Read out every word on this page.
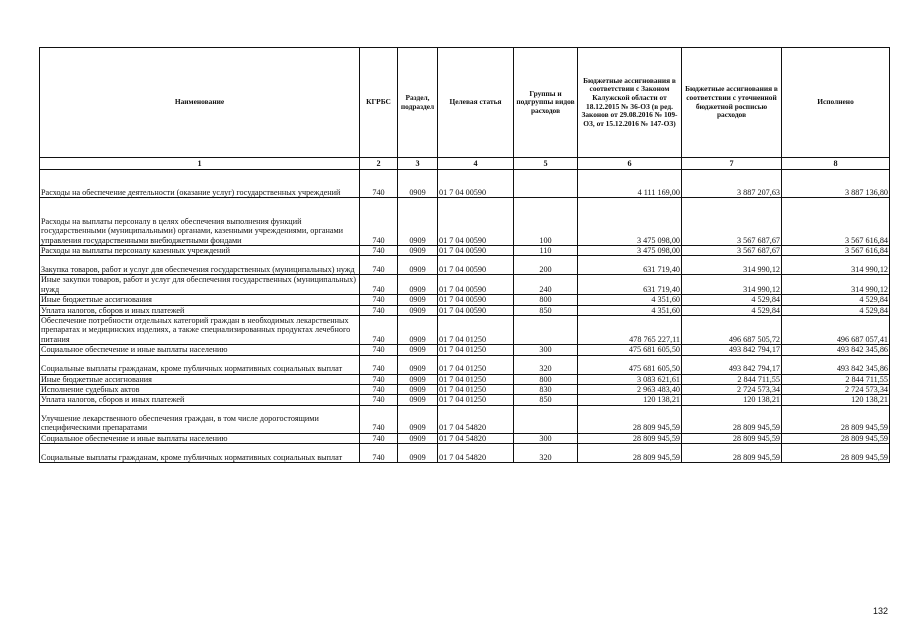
Наименование	КГРБС	Раздел, подраздел	Целевая статья	Группы и подгруппы видов расходов	Бюджетные ассигнования в соответствии с Законом Калужской области от 18.12.2015 № 36-ОЗ (в ред. Законов от 29.08.2016 № 109-ОЗ, от 15.12.2016 № 147-ОЗ)	Бюджетные ассигнования в соответствии с уточненной бюджетной росписью расходов	Исполнено
1	2	3	4	5	6	7	8
Расходы на обеспечение деятельности (оказание услуг) государственных учреждений	740	0909	01 7 04 00590		4 111 169,00	3 887 207,63	3 887 136,80
Расходы на выплаты персоналу в целях обеспечения выполнения функций государственными (муниципальными) органами, казенными учреждениями, органами управления государственными внебюджетными фондами	740	0909	01 7 04 00590	100	3 475 098,00	3 567 687,67	3 567 616,84
Расходы на выплаты персоналу казенных учреждений	740	0909	01 7 04 00590	110	3 475 098,00	3 567 687,67	3 567 616,84
Закупка товаров, работ и услуг для обеспечения государственных (муниципальных) нужд	740	0909	01 7 04 00590	200	631 719,40	314 990,12	314 990,12
Иные закупки товаров, работ и услуг для обеспечения государственных (муниципальных) нужд	740	0909	01 7 04 00590	240	631 719,40	314 990,12	314 990,12
Иные бюджетные ассигнования	740	0909	01 7 04 00590	800	4 351,60	4 529,84	4 529,84
Уплата налогов, сборов и иных платежей	740	0909	01 7 04 00590	850	4 351,60	4 529,84	4 529,84
Обеспечение потребности отдельных категорий граждан в необходимых лекарственных препаратах и медицинских изделиях, а также специализированных продуктах лечебного питания	740	0909	01 7 04 01250		478 765 227,11	496 687 505,72	496 687 057,41
Социальное обеспечение и иные выплаты населению	740	0909	01 7 04 01250	300	475 681 605,50	493 842 794,17	493 842 345,86
Социальные выплаты гражданам, кроме публичных нормативных социальных выплат	740	0909	01 7 04 01250	320	475 681 605,50	493 842 794,17	493 842 345,86
Иные бюджетные ассигнования	740	0909	01 7 04 01250	800	3 083 621,61	2 844 711,55	2 844 711,55
Исполнение судебных актов	740	0909	01 7 04 01250	830	2 963 483,40	2 724 573,34	2 724 573,34
Уплата налогов, сборов и иных платежей	740	0909	01 7 04 01250	850	120 138,21	120 138,21	120 138,21
Улучшение лекарственного обеспечения граждан, в том числе дорогостоящими специфическими препаратами	740	0909	01 7 04 54820		28 809 945,59	28 809 945,59	28 809 945,59
Социальное обеспечение и иные выплаты населению	740	0909	01 7 04 54820	300	28 809 945,59	28 809 945,59	28 809 945,59
Социальные выплаты гражданам, кроме публичных нормативных социальных выплат	740	0909	01 7 04 54820	320	28 809 945,59	28 809 945,59	28 809 945,59
132
